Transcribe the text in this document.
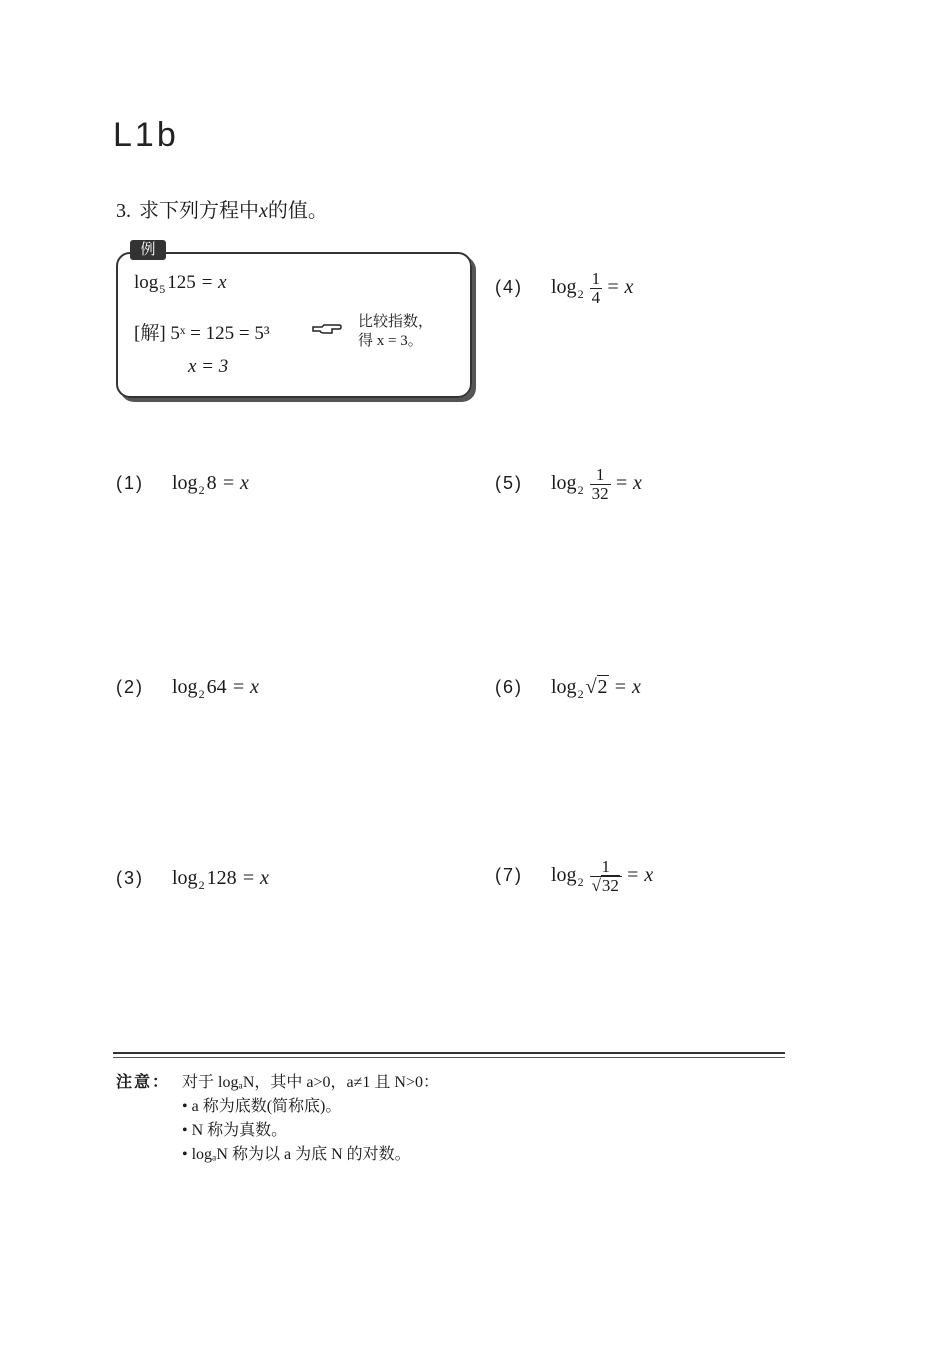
L1b
3. 求下列方程中x的值。
例
$\log_5 125 = x$
[解] 5ˣ = 125 = 5³
比较指数，
得 x = 3。
x = 3
(1) $\log_2 8 = x$
(2) $\log_2 64 = x$
(3) $\log_2 128 = x$
(4) $\log_2 \frac{1}{4} = x$
(5) $\log_2 \frac{1}{32} = x$
(6) $\log_2 √2 = x$
(7) $\log_2 \frac{1}{√32} = x$
注意： 对于 logₐN，其中 a>0，a≠1 且 N>0：
• a 称为底数(简称底)。
• N 称为真数。
• logₐN 称为以 a 为底 N 的对数。
